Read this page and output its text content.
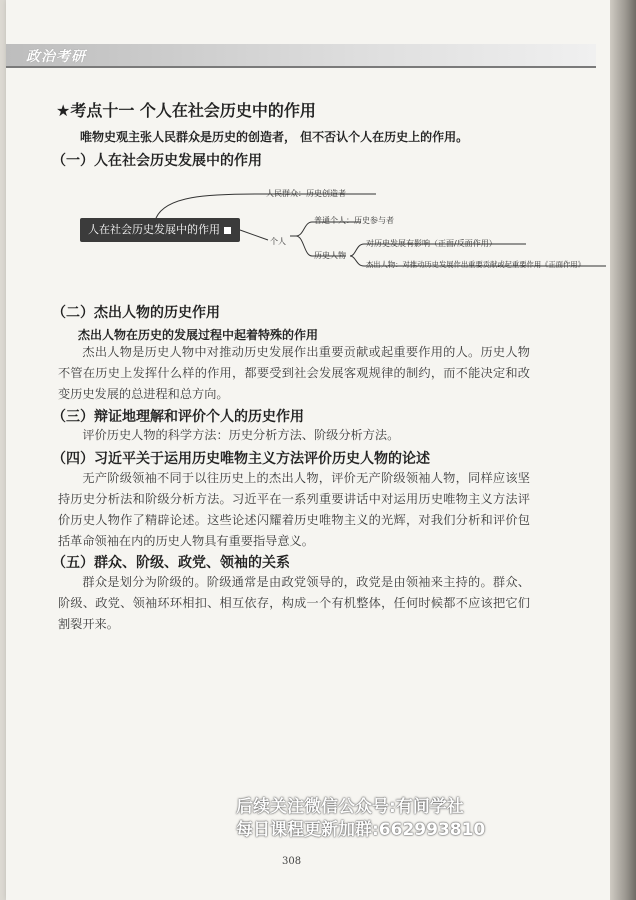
政治考研
★考点十一 个人在社会历史中的作用
唯物史观主张人民群众是历史的创造者， 但不否认个人在历史上的作用。
（一）人在社会历史发展中的作用
人在社会历史发展中的作用
人民群众：历史创造者
个人
普通个人：历史参与者
历史人物
对历史发展有影响（正面/反面作用）
杰出人物：对推动历史发展作出重要贡献或起重要作用《正面作用》
（二）杰出人物的历史作用
杰出人物在历史的发展过程中起着特殊的作用
杰出人物是历史人物中对推动历史发展作出重要贡献或起重要作用的人。历史人物不管在历史上发挥什么样的作用，都要受到社会发展客观规律的制约，而不能决定和改变历史发展的总进程和总方向。
（三）辩证地理解和评价个人的历史作用
评价历史人物的科学方法：历史分析方法、阶级分析方法。
（四）习近平关于运用历史唯物主义方法评价历史人物的论述
无产阶级领袖不同于以往历史上的杰出人物，评价无产阶级领袖人物，同样应该坚持历史分析法和阶级分析方法。习近平在一系列重要讲话中对运用历史唯物主义方法评价历史人物作了精辟论述。这些论述闪耀着历史唯物主义的光辉，对我们分析和评价包括革命领袖在内的历史人物具有重要指导意义。
（五）群众、阶级、政党、领袖的关系
群众是划分为阶级的。阶级通常是由政党领导的，政党是由领袖来主持的。群众、阶级、政党、领袖环环相扣、相互依存，构成一个有机整体，任何时候都不应该把它们割裂开来。
后续关注微信公众号:有间学社
每日课程更新加群:662993810
308
